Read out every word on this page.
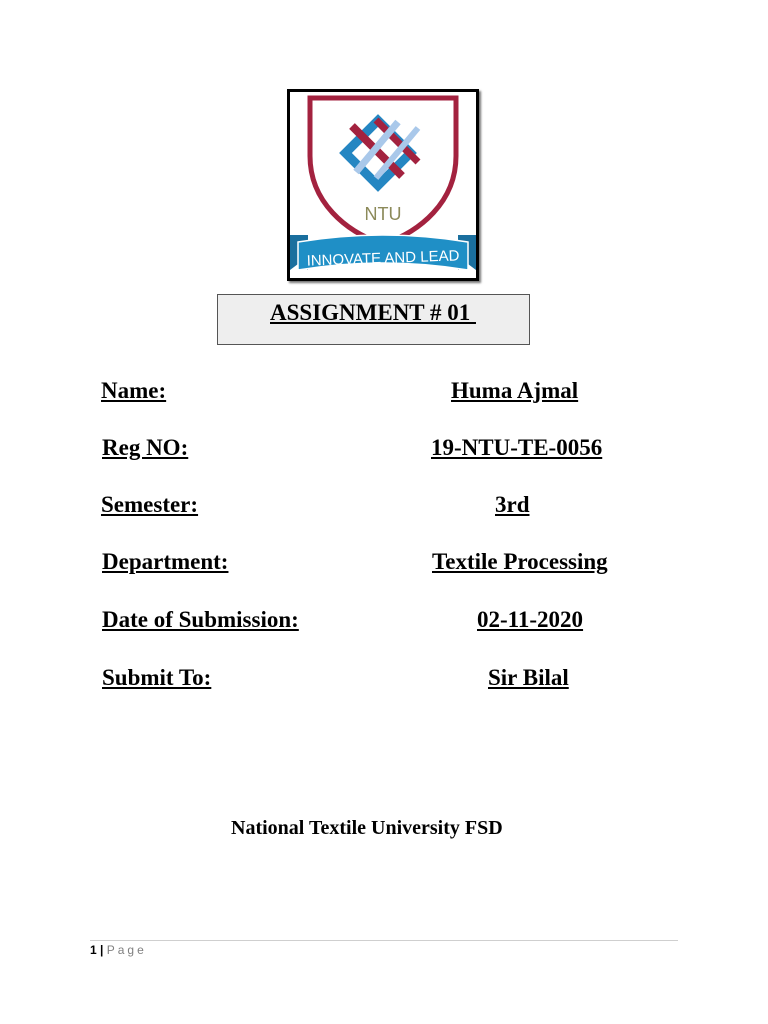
NTU
INNOVATE AND LEAD
ASSIGNMENT # 01
Name:	Huma Ajmal
Reg NO:	19-NTU-TE-0056
Semester:	3rd
Department:	Textile Processing
Date of Submission:	02-11-2020
Submit To:	Sir Bilal
National Textile University FSD
1 | Page
